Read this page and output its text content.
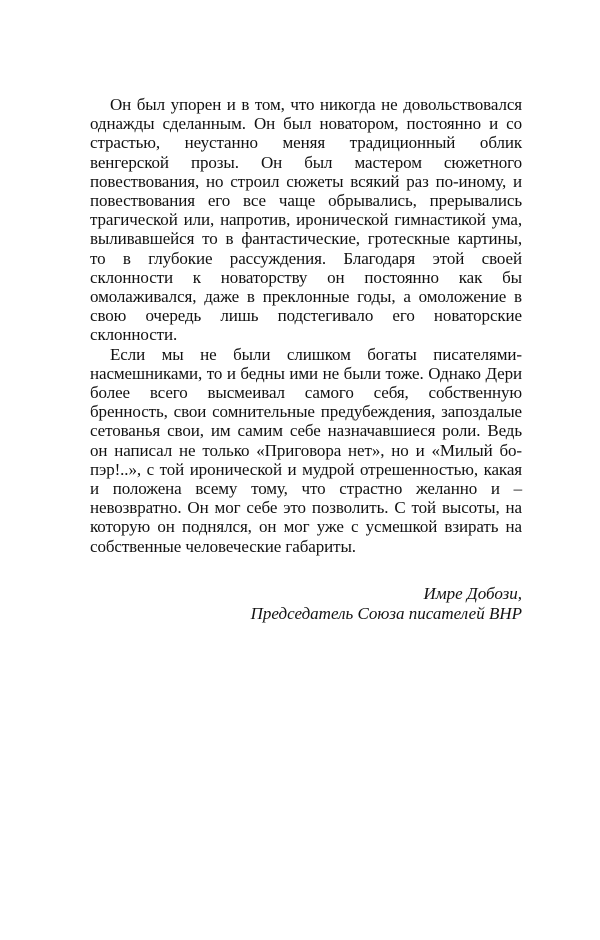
Он был упорен и в том, что никогда не довольствовался однажды сделанным. Он был новатором, постоянно и со страстью, неустанно меняя традиционный облик венгерской прозы. Он был мастером сюжетного повествования, но строил сюжеты всякий раз по-иному, и повествования его все чаще обрывались, прерывались трагической или, напротив, иронической гимнастикой ума, выливавшейся то в фантастические, гротескные картины, то в глубокие рассуждения. Благодаря этой своей склонности к новаторству он постоянно как бы омолаживался, даже в преклонные годы, а омоложение в свою очередь лишь подстегивало его новаторские склонности.

Если мы не были слишком богаты писателями-насмешниками, то и бедны ими не были тоже. Однако Дери более всего высмеивал самого себя, собственную бренность, свои сомнительные предубеждения, запоздалые сетованья свои, им самим себе назначавшиеся роли. Ведь он написал не только «Приговора нет», но и «Милый бо-пэр!..», с той иронической и мудрой отрешенностью, какая и положена всему тому, что страстно желанно и – невозвратно. Он мог себе это позволить. С той высоты, на которую он поднялся, он мог уже с усмешкой взирать на собственные человеческие габариты.

Имре Добози,
Председатель Союза писателей ВНР
